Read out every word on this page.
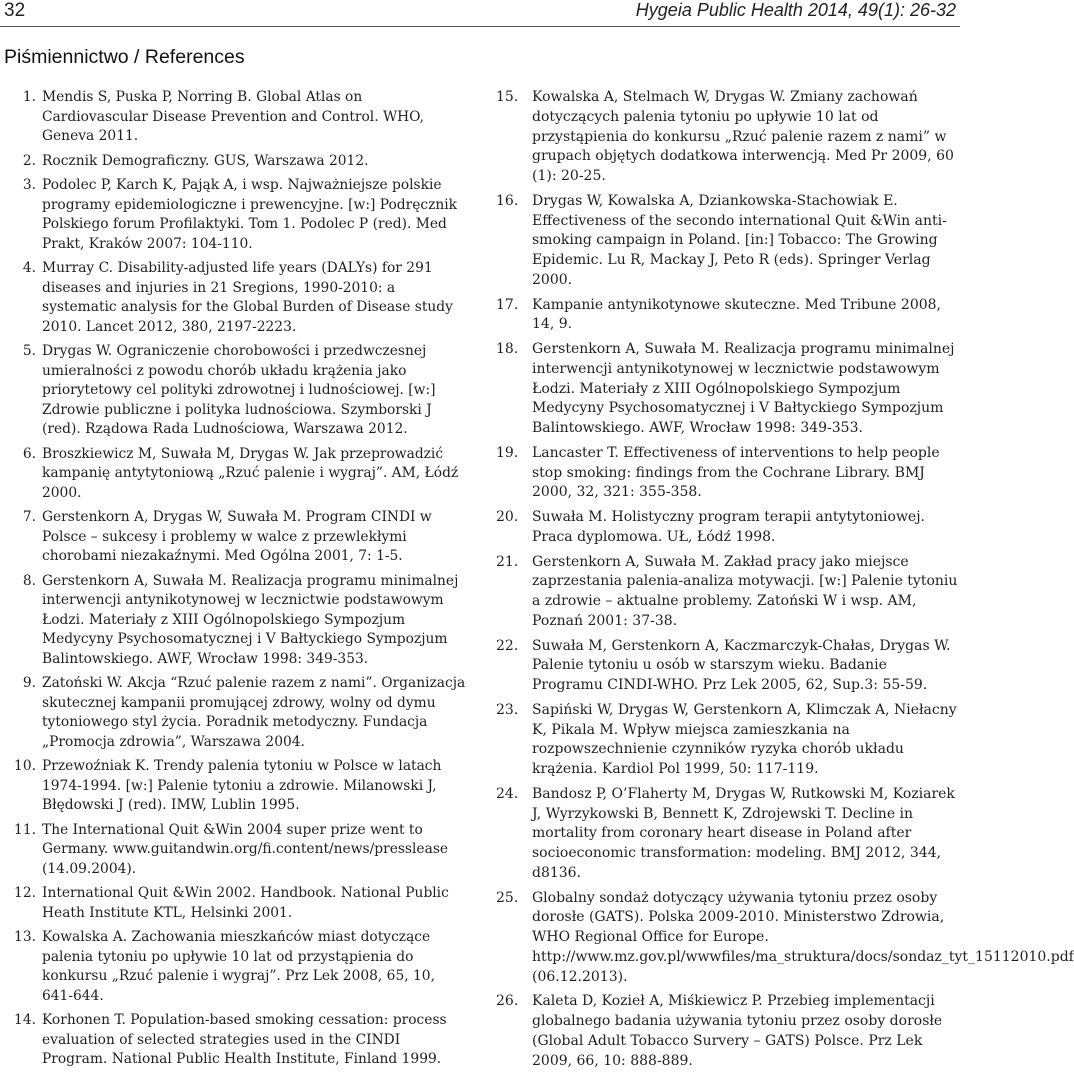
32	Hygeia Public Health 2014, 49(1): 26-32
Piśmiennictwo / References
1. Mendis S, Puska P, Norring B. Global Atlas on Cardiovascular Disease Prevention and Control. WHO, Geneva 2011.
2. Rocznik Demograficzny. GUS, Warszawa 2012.
3. Podolec P, Karch K, Pająk A, i wsp. Najważniejsze polskie programy epidemiologiczne i prewencyjne. [w:] Podręcznik Polskiego forum Profilaktyki. Tom 1. Podolec P (red). Med Prakt, Kraków 2007: 104-110.
4. Murray C. Disability-adjusted life years (DALYs) for 291 diseases and injuries in 21 Sregions, 1990-2010: a systematic analysis for the Global Burden of Disease study 2010. Lancet 2012, 380, 2197-2223.
5. Drygas W. Ograniczenie chorobowości i przedwczesnej umieralności z powodu chorób układu krążenia jako priorytetowy cel polityki zdrowotnej i ludnościowej. [w:] Zdrowie publiczne i polityka ludnościowa. Szymborski J (red). Rządowa Rada Ludnościowa, Warszawa 2012.
6. Broszkiewicz M, Suwała M, Drygas W. Jak przeprowadzić kampanię antytytoniową „Rzuć palenie i wygraj”. AM, Łódź 2000.
7. Gerstenkorn A, Drygas W, Suwała M. Program CINDI w Polsce – sukcesy i problemy w walce z przewlekłymi chorobami niezakaźnymi. Med Ogólna 2001, 7: 1-5.
8. Gerstenkorn A, Suwała M. Realizacja programu minimalnej interwencji antynikotynowej w lecznictwie podstawowym Łodzi. Materiały z XIII Ogólnopolskiego Sympozjum Medycyny Psychosomatycznej i V Bałtyckiego Sympozjum Balintowskiego. AWF, Wrocław 1998: 349-353.
9. Zatoński W. Akcja “Rzuć palenie razem z nami”. Organizacja skutecznej kampanii promującej zdrowy, wolny od dymu tytoniowego styl życia. Poradnik metodyczny. Fundacja „Promocja zdrowia”, Warszawa 2004.
10. Przewoźniak K. Trendy palenia tytoniu w Polsce w latach 1974-1994. [w:] Palenie tytoniu a zdrowie. Milanowski J, Błędowski J (red). IMW, Lublin 1995.
11. The International Quit &Win 2004 super prize went to Germany. www.guitandwin.org/fi.content/news/presslease (14.09.2004).
12. International Quit &Win 2002. Handbook. National Public Heath Institute KTL, Helsinki 2001.
13. Kowalska A. Zachowania mieszkańców miast dotyczące palenia tytoniu po upływie 10 lat od przystąpienia do konkursu „Rzuć palenie i wygraj”. Prz Lek 2008, 65, 10, 641-644.
14. Korhonen T. Population-based smoking cessation: process evaluation of selected strategies used in the CINDI Program. National Public Health Institute, Finland 1999.
15. Kowalska A, Stelmach W, Drygas W. Zmiany zachowań dotyczących palenia tytoniu po upływie 10 lat od przystąpienia do konkursu „Rzuć palenie razem z nami” w grupach objętych dodatkowa interwencją. Med Pr 2009, 60 (1): 20-25.
16. Drygas W, Kowalska A, Dziankowska-Stachowiak E. Effectiveness of the secondo international Quit &Win anti-smoking campaign in Poland. [in:] Tobacco: The Growing Epidemic. Lu R, Mackay J, Peto R (eds). Springer Verlag 2000.
17. Kampanie antynikotynowe skuteczne. Med Tribune 2008, 14, 9.
18. Gerstenkorn A, Suwała M. Realizacja programu minimalnej interwencji antynikotynowej w lecznictwie podstawowym Łodzi. Materiały z XIII Ogólnopolskiego Sympozjum Medycyny Psychosomatycznej i V Bałtyckiego Sympozjum Balintowskiego. AWF, Wrocław 1998: 349-353.
19. Lancaster T. Effectiveness of interventions to help people stop smoking: findings from the Cochrane Library. BMJ 2000, 32, 321: 355-358.
20. Suwała M. Holistyczny program terapii antytytoniowej. Praca dyplomowa. UŁ, Łódź 1998.
21. Gerstenkorn A, Suwała M. Zakład pracy jako miejsce zaprzestania palenia-analiza motywacji. [w:] Palenie tytoniu a zdrowie – aktualne problemy. Zatoński W i wsp. AM, Poznań 2001: 37-38.
22. Suwała M, Gerstenkorn A, Kaczmarczyk-Chałas, Drygas W. Palenie tytoniu u osób w starszym wieku. Badanie Programu CINDI-WHO. Prz Lek 2005, 62, Sup.3: 55-59.
23. Sapiński W, Drygas W, Gerstenkorn A, Klimczak A, Niełacny K, Pikala M. Wpływ miejsca zamieszkania na rozpowszechnienie czynników ryzyka chorób układu krążenia. Kardiol Pol 1999, 50: 117-119.
24. Bandosz P, O’Flaherty M, Drygas W, Rutkowski M, Koziarek J, Wyrzykowski B, Bennett K, Zdrojewski T. Decline in mortality from coronary heart disease in Poland after socioeconomic transformation: modeling. BMJ 2012, 344, d8136.
25. Globalny sondaż dotyczący używania tytoniu przez osoby dorosłe (GATS). Polska 2009-2010. Ministerstwo Zdrowia, WHO Regional Office for Europe. http://www.mz.gov.pl/wwwfiles/ma_struktura/docs/sondaz_tyt_15112010.pdf (06.12.2013).
26. Kaleta D, Kozieł A, Miśkiewicz P. Przebieg implementacji globalnego badania używania tytoniu przez osoby dorosłe (Global Adult Tobacco Survery – GATS) Polsce. Prz Lek 2009, 66, 10: 888-889.
